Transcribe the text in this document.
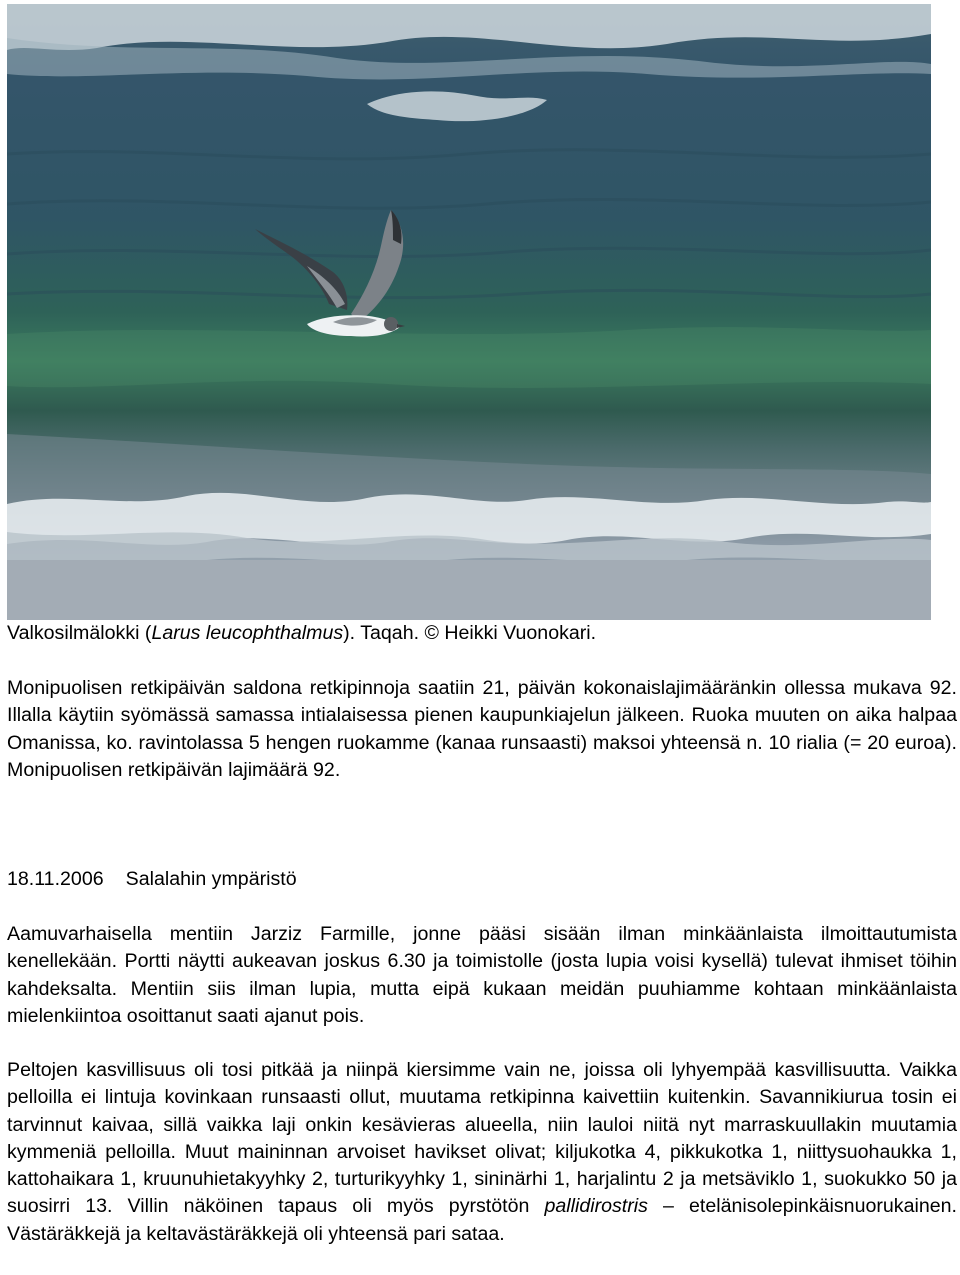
Valkosilmälokki (Larus leucophthalmus). Taqah. © Heikki Vuonokari.

Monipuolisen retkipäivän saldona retkipinnoja saatiin 21, päivän kokonaislajimääränkin ollessa mukava 92. Illalla käytiin syömässä samassa intialaisessa pienen kaupunkiajelun jälkeen. Ruoka muuten on aika halpaa Omanissa, ko. ravintolassa 5 hengen ruokamme (kanaa runsaasti) maksoi yhteensä n. 10 rialia (= 20 euroa). Monipuolisen retkipäivän lajimäärä 92.

18.11.2006 Salalahin ympäristö

Aamuvarhaisella mentiin Jarziz Farmille, jonne pääsi sisään ilman minkäänlaista ilmoittautumista kenellekään. Portti näytti aukeavan joskus 6.30 ja toimistolle (josta lupia voisi kysellä) tulevat ihmiset töihin kahdeksalta. Mentiin siis ilman lupia, mutta eipä kukaan meidän puuhiamme kohtaan minkäänlaista mielenkiintoa osoittanut saati ajanut pois.

Peltojen kasvillisuus oli tosi pitkää ja niinpä kiersimme vain ne, joissa oli lyhyempää kasvillisuutta. Vaikka pelloilla ei lintuja kovinkaan runsaasti ollut, muutama retkipinna kaivettiin kuitenkin. Savannikiurua tosin ei tarvinnut kaivaa, sillä vaikka laji onkin kesävieras alueella, niin lauloi niitä nyt marraskuullakin muutamia kymmeniä pelloilla. Muut maininnan arvoiset havikset olivat; kiljukotka 4, pikkukotka 1, niittysuohaukka 1, kattohaikara 1, kruunuhietakyyhky 2, turturikyyhky 1, sininärhi 1, harjalintu 2 ja metsäviklo 1, suokukko 50 ja suosirri 13. Villin näköinen tapaus oli myös pyrstötön pallidirostris – etelänisolepinkäisnuorukainen. Västäräkkejä ja keltavästäräkkejä oli yhteensä pari sataa.
